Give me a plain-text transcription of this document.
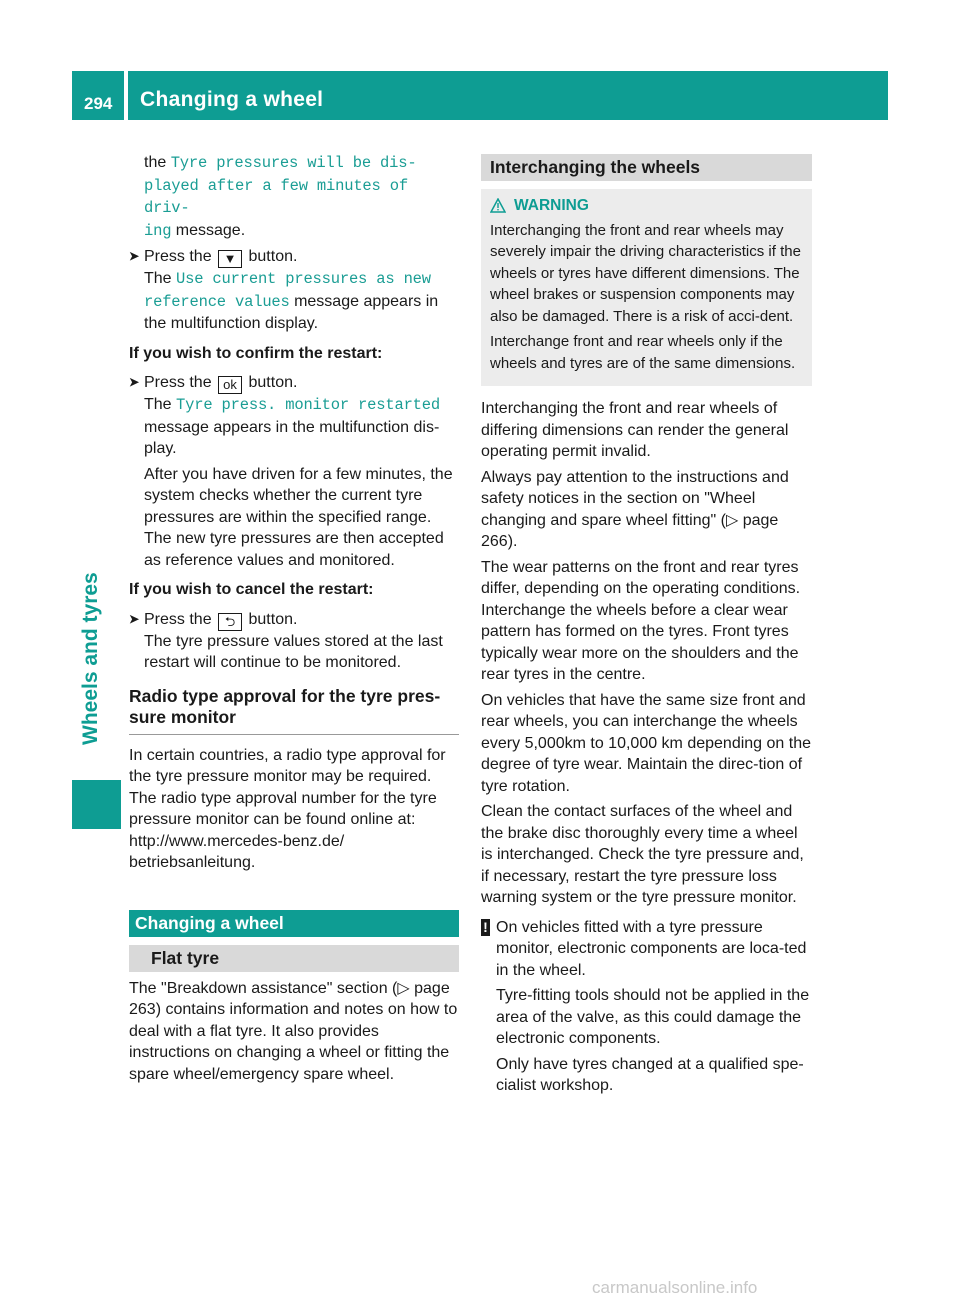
294 Changing a wheel
Wheels and tyres

the Tyre pressures will be dis‐
played after a few minutes of driv‐
ing message.

➤ Press the ▼ button.
The Use current pressures as new
reference values message appears in
the multifunction display.

If you wish to confirm the restart:

➤ Press the ok button.
The Tyre press. monitor restarted
message appears in the multifunction dis-play.

After you have driven for a few minutes, the system checks whether the current tyre pressures are within the specified range. The new tyre pressures are then accepted as reference values and monitored.

If you wish to cancel the restart:

➤ Press the ⮌ button.
The tyre pressure values stored at the last restart will continue to be monitored.
Radio type approval for the tyre pres-sure monitor

In certain countries, a radio type approval for the tyre pressure monitor may be required. The radio type approval number for the tyre pressure monitor can be found online at: http://www.mercedes-benz.de/ betriebsanleitung.

Changing a wheel
Flat tyre

The "Breakdown assistance" section (▷ page 263) contains information and notes on how to deal with a flat tyre. It also provides instructions on changing a wheel or fitting the spare wheel/emergency spare wheel.

Interchanging the wheels
WARNING

Interchanging the front and rear wheels may severely impair the driving characteristics if the wheels or tyres have different dimensions. The wheel brakes or suspension components may also be damaged. There is a risk of acci-dent.

Interchange front and rear wheels only if the wheels and tyres are of the same dimensions.

Interchanging the front and rear wheels of differing dimensions can render the general operating permit invalid.

Always pay attention to the instructions and safety notices in the section on "Wheel changing and spare wheel fitting" (▷ page 266).

The wear patterns on the front and rear tyres differ, depending on the operating conditions. Interchange the wheels before a clear wear pattern has formed on the tyres. Front tyres typically wear more on the shoulders and the rear tyres in the centre.

On vehicles that have the same size front and rear wheels, you can interchange the wheels every 5,000km to 10,000 km depending on the degree of tyre wear. Maintain the direc-tion of tyre rotation.

Clean the contact surfaces of the wheel and the brake disc thoroughly every time a wheel is interchanged. Check the tyre pressure and, if necessary, restart the tyre pressure loss warning system or the tyre pressure monitor.

! On vehicles fitted with a tyre pressure monitor, electronic components are loca-ted in the wheel.

Tyre-fitting tools should not be applied in the area of the valve, as this could damage the electronic components.

Only have tyres changed at a qualified spe-cialist workshop.

carmanualsonline.info
